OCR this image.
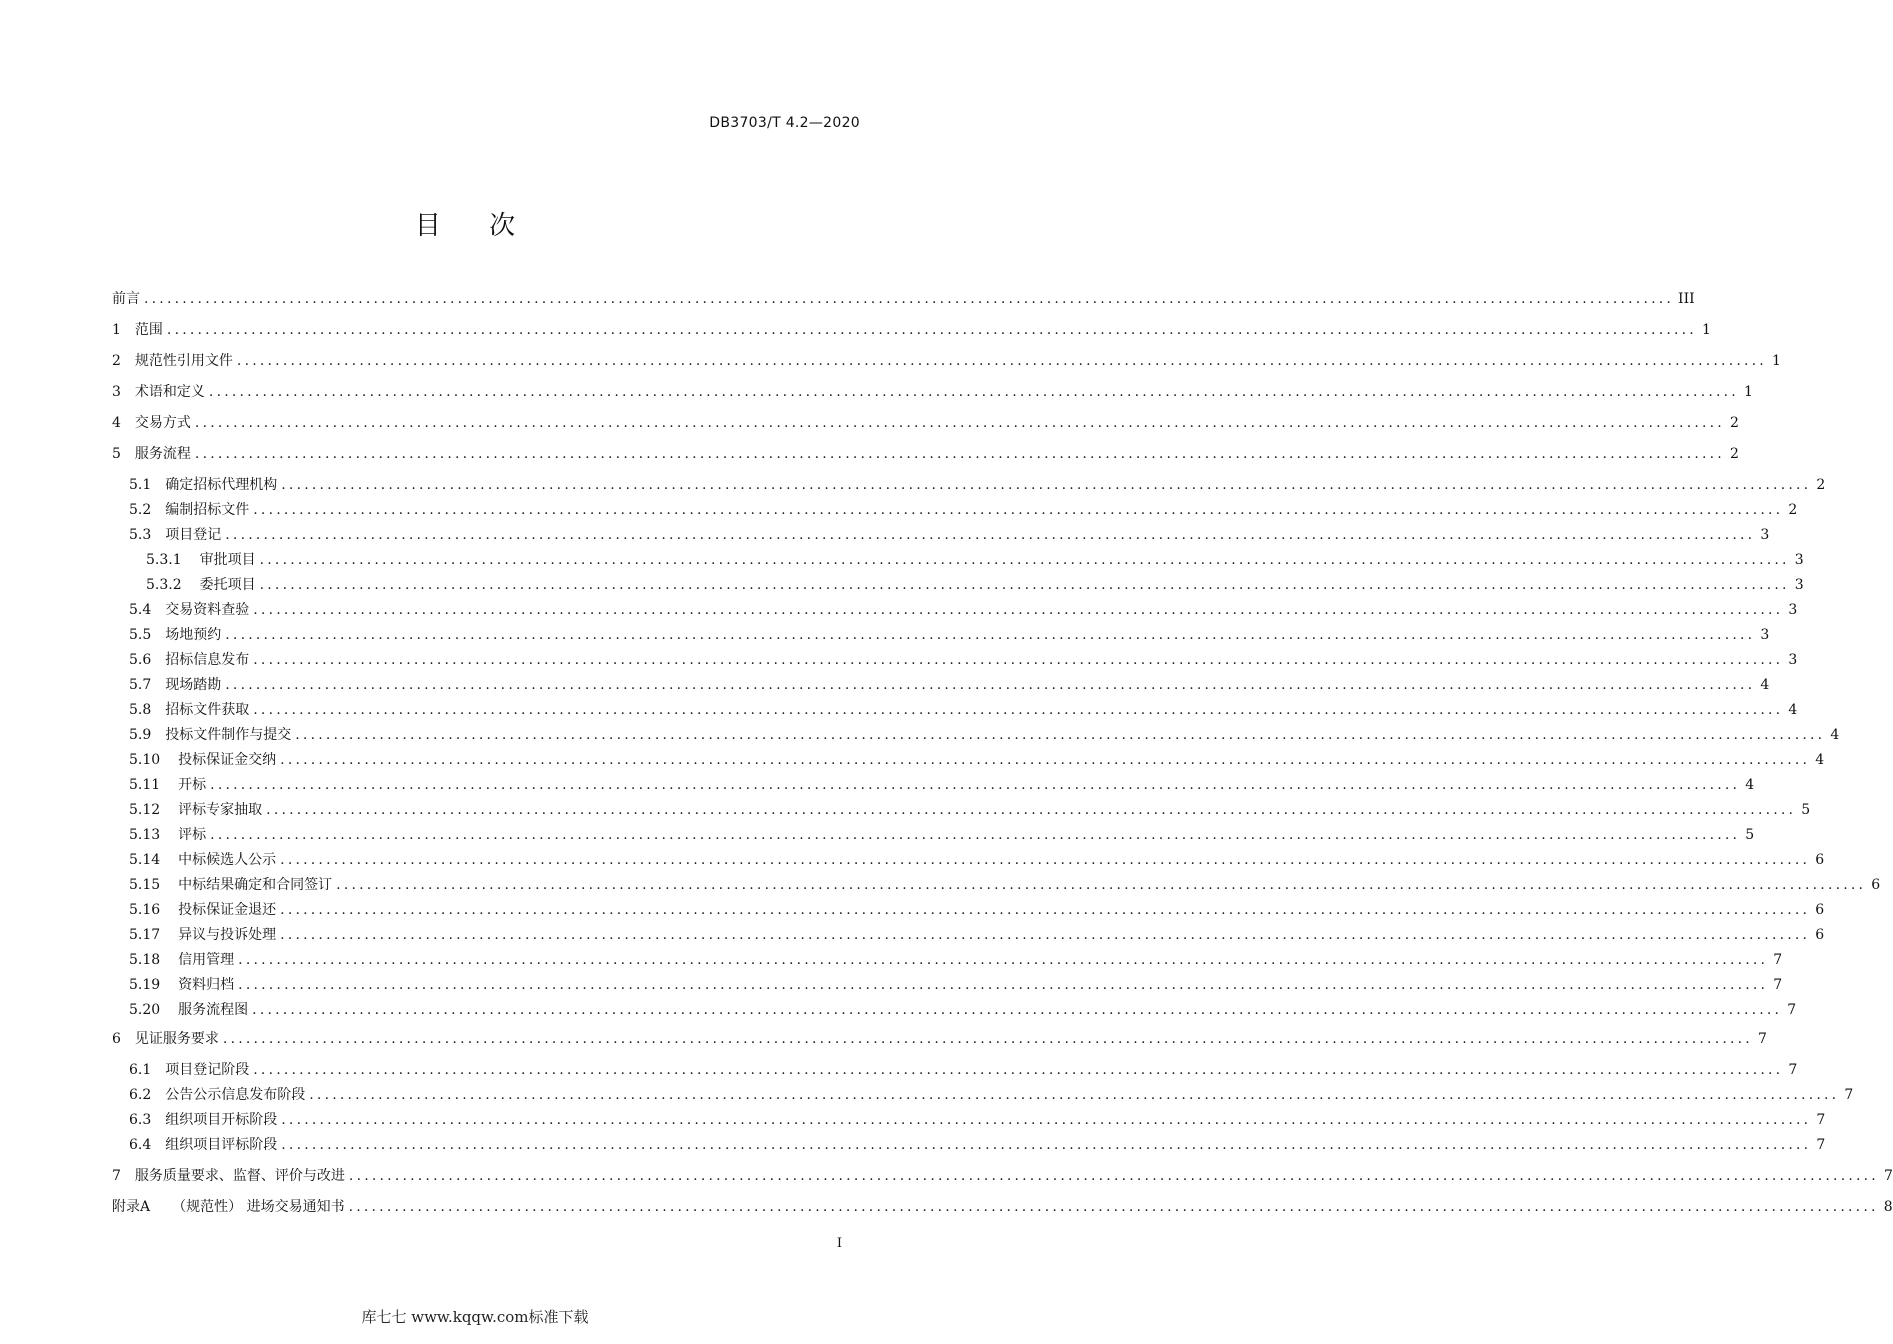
DB3703/T 4.2—2020
目 次
前言 ........................................................................................................................................................................................................ III
1 范围 ........................................................................................................................................................................................................ 1
2 规范性引用文件 ........................................................................................................................................................................................................ 1
3 术语和定义 ........................................................................................................................................................................................................ 1
4 交易方式 ........................................................................................................................................................................................................ 2
5 服务流程 ........................................................................................................................................................................................................ 2
5.1 确定招标代理机构 ........................................................................................................................................................................................................ 2
5.2 编制招标文件 ........................................................................................................................................................................................................ 2
5.3 项目登记 ........................................................................................................................................................................................................ 3
5.3.1 审批项目 ........................................................................................................................................................................................................ 3
5.3.2 委托项目 ........................................................................................................................................................................................................ 3
5.4 交易资料查验 ........................................................................................................................................................................................................ 3
5.5 场地预约 ........................................................................................................................................................................................................ 3
5.6 招标信息发布 ........................................................................................................................................................................................................ 3
5.7 现场踏勘 ........................................................................................................................................................................................................ 4
5.8 招标文件获取 ........................................................................................................................................................................................................ 4
5.9 投标文件制作与提交 ........................................................................................................................................................................................................ 4
5.10 投标保证金交纳 ........................................................................................................................................................................................................ 4
5.11 开标 ........................................................................................................................................................................................................ 4
5.12 评标专家抽取 ........................................................................................................................................................................................................ 5
5.13 评标 ........................................................................................................................................................................................................ 5
5.14 中标候选人公示 ........................................................................................................................................................................................................ 6
5.15 中标结果确定和合同签订 ........................................................................................................................................................................................................ 6
5.16 投标保证金退还 ........................................................................................................................................................................................................ 6
5.17 异议与投诉处理 ........................................................................................................................................................................................................ 6
5.18 信用管理 ........................................................................................................................................................................................................ 7
5.19 资料归档 ........................................................................................................................................................................................................ 7
5.20 服务流程图 ........................................................................................................................................................................................................ 7
6 见证服务要求 ........................................................................................................................................................................................................ 7
6.1 项目登记阶段 ........................................................................................................................................................................................................ 7
6.2 公告公示信息发布阶段 ........................................................................................................................................................................................................ 7
6.3 组织项目开标阶段 ........................................................................................................................................................................................................ 7
6.4 组织项目评标阶段 ........................................................................................................................................................................................................ 7
7 服务质量要求、监督、评价与改进 ........................................................................................................................................................................................................ 7
附录A （规范性） 进场交易通知书 ........................................................................................................................................................................................................ 8
I
库七七 www.kqqw.com标准下载
